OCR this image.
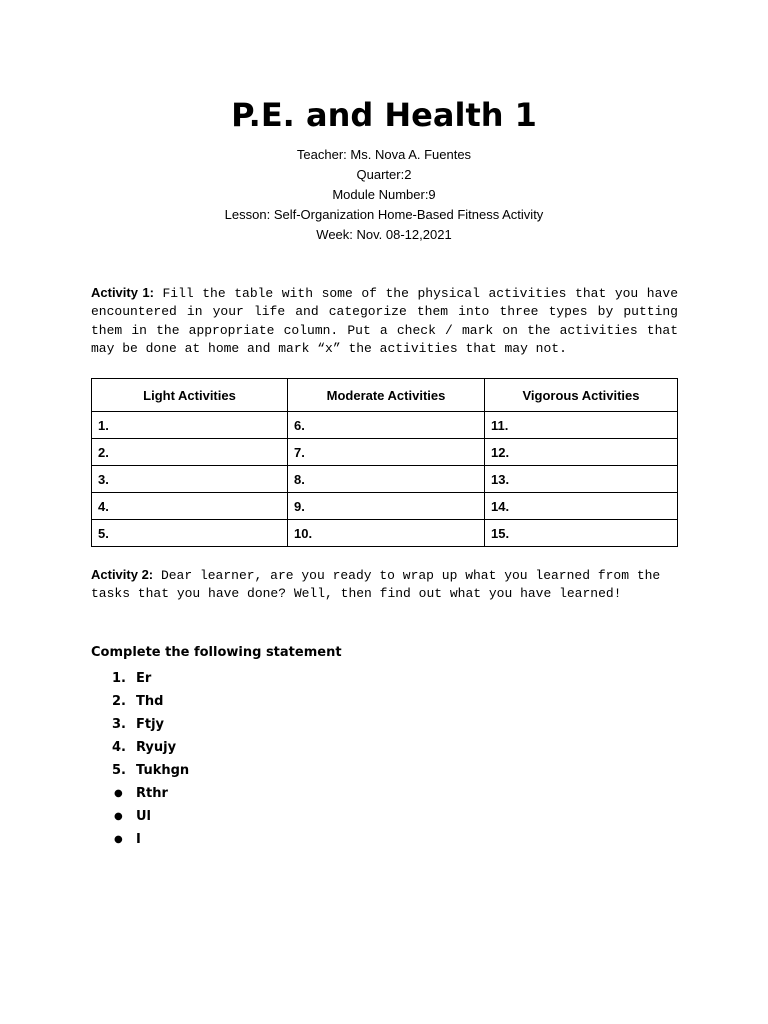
P.E. and Health 1
Teacher: Ms. Nova A. Fuentes
Quarter:2
Module Number:9
Lesson: Self-Organization Home-Based Fitness Activity
Week: Nov. 08-12,2021
Activity 1: Fill the table with some of the physical activities that you have encountered in your life and categorize them into three types by putting them in the appropriate column. Put a check / mark on the activities that may be done at home and mark “x” the activities that may not.
Light Activities	Moderate Activities	Vigorous Activities
1.	6.	11.
2.	7.	12.
3.	8.	13.
4.	9.	14.
5.	10.	15.
Activity 2: Dear learner, are you ready to wrap up what you learned from the tasks that you have done? Well, then find out what you have learned!
Complete the following statement
1. Er
2. Thd
3. Ftjy
4. Ryujy
5. Tukhgn
● Rthr
● Ul
● I
